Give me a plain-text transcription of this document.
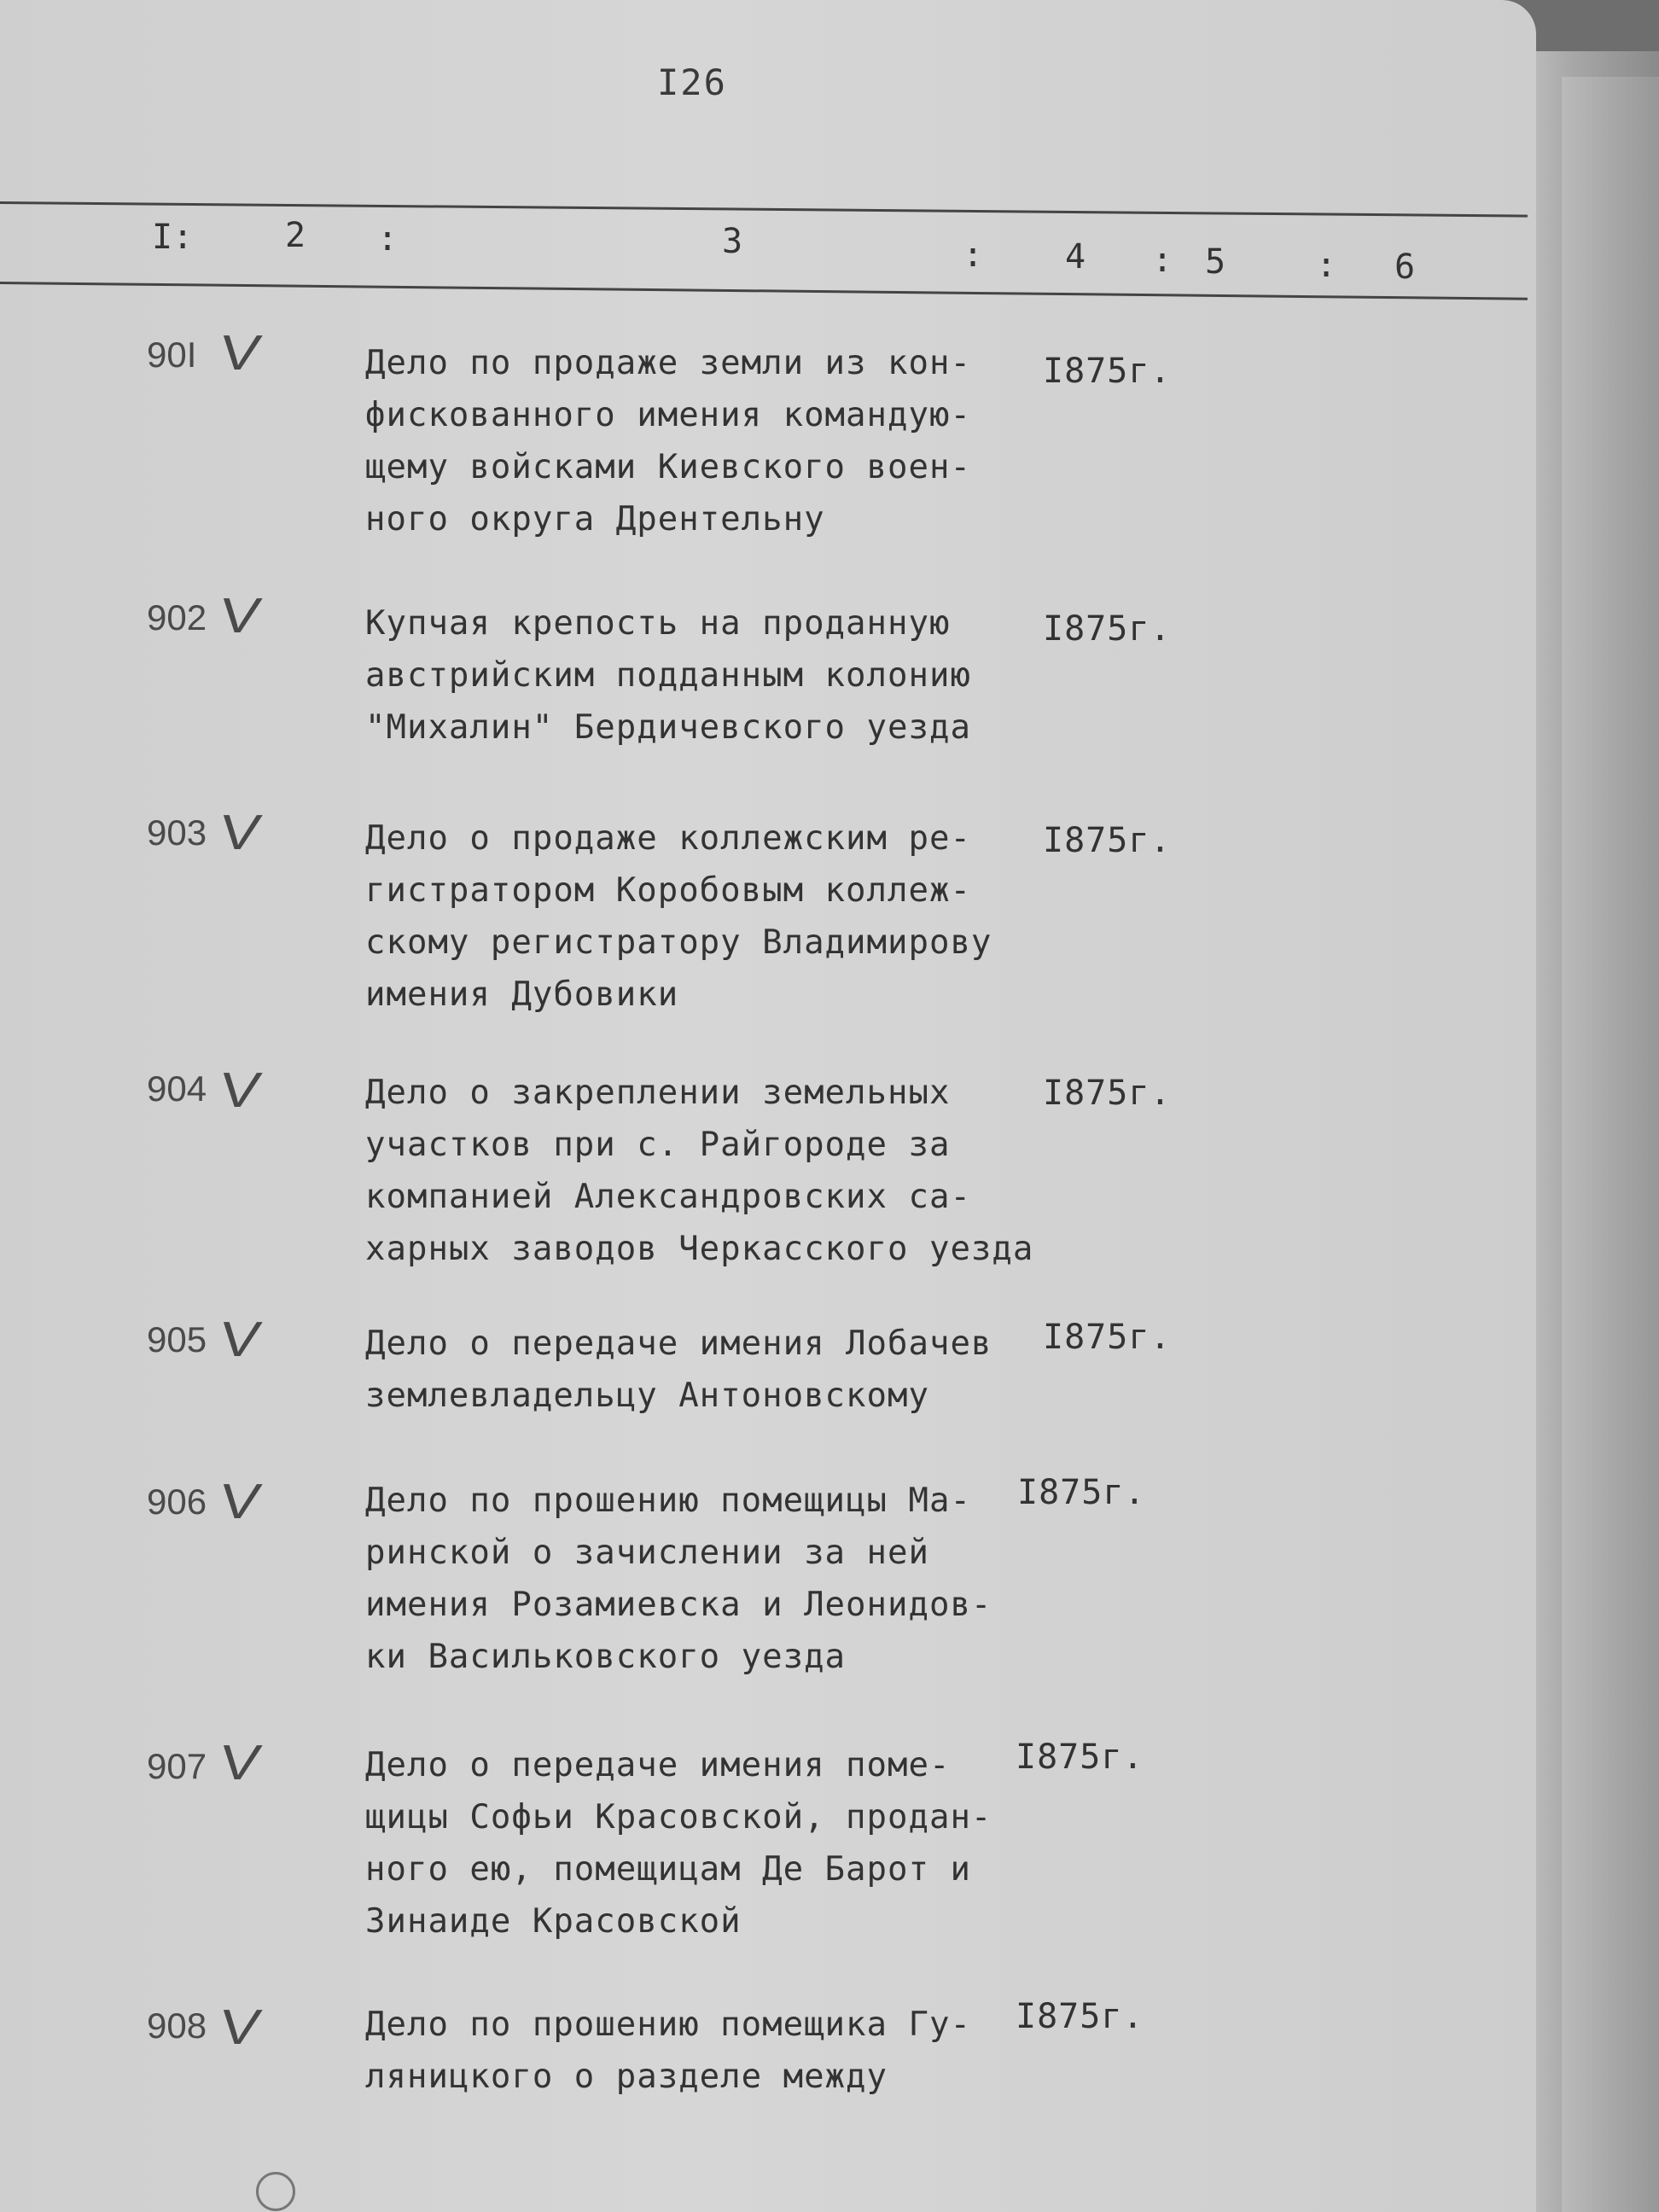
I26
I:	2 :	3	: 4 : 5	: 6
90I V	Дело по продаже земли из кон-
фискованного имения командую-
щему войсками Киевского воен-
ного округа Дрентельну
I875г.
902 V	Купчая крепость на проданную
австрийским подданным колонию
"Михалин" Бердичевского уезда
I875г.
903 V	Дело о продаже коллежским ре-
гистратором Коробовым коллеж-
скому регистратору Владимирову
имения Дубовики
I875г.
904 V	Дело о закреплении земельных
участков при с. Райгороде за
компанией Александровских са-
харных заводов Черкасского уезда
I875г.
905 V	Дело о передаче имения Лобачев
землевладельцу Антоновскому
I875г.
906 V	Дело по прошению помещицы Ма-
ринской о зачислении за ней
имения Розамиевска и Леонидов-
ки Васильковского уезда
I875г.
907 V	Дело о передаче имения поме-
щицы Софьи Красовской, продан-
ного ею, помещицам Де Барот и
Зинаиде Красовской
I875г.
908 V	Дело по прошению помещика Гу-
ляницкого о разделе между
I875г.
